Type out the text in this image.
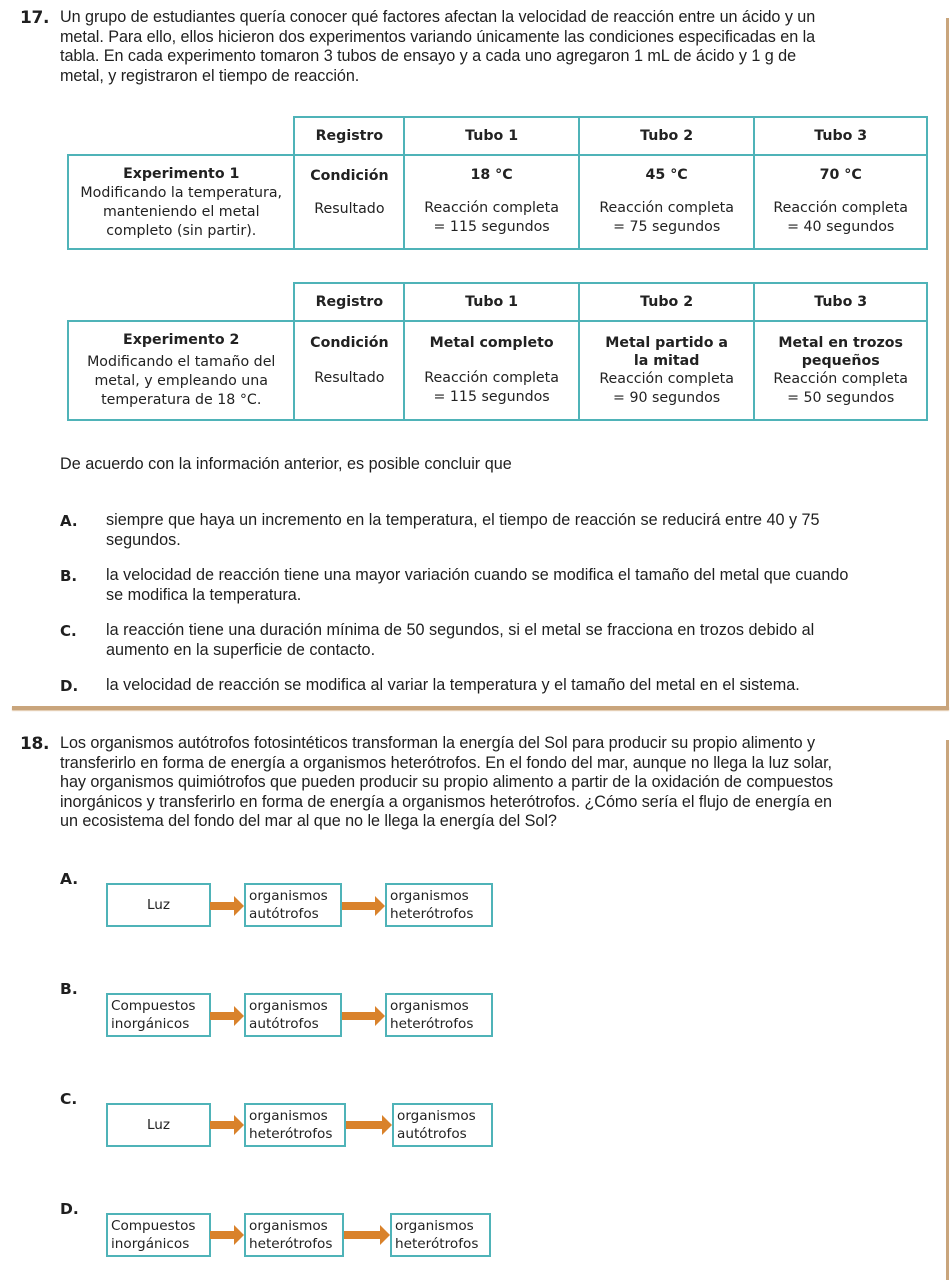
17. Un grupo de estudiantes quería conocer qué factores afectan la velocidad de reacción entre un ácido y un
metal. Para ello, ellos hicieron dos experimentos variando únicamente las condiciones especificadas en la
tabla. En cada experimento tomaron 3 tubos de ensayo y a cada uno agregaron 1 mL de ácido y 1 g de
metal, y registraron el tiempo de reacción.
	Registro	Tubo 1	Tubo 2	Tubo 3

Experimento 1
Modificando la temperatura,
manteniendo el metal
completo (sin partir).	Condición
Resultado	18 °C
Reacción completa
= 115 segundos	45 °C
Reacción completa
= 75 segundos	70 °C
Reacción completa
= 40 segundos
	Registro	Tubo 1	Tubo 2	Tubo 3

Experimento 2
Modificando el tamaño del
metal, y empleando una
temperatura de 18 °C.	Condición
Resultado	Metal completo
Reacción completa
= 115 segundos	Metal partido a
la mitad
Reacción completa
= 90 segundos	Metal en trozos
pequeños
Reacción completa
= 50 segundos
De acuerdo con la información anterior, es posible concluir que
A. siempre que haya un incremento en la temperatura, el tiempo de reacción se reducirá entre 40 y 75
segundos.
B. la velocidad de reacción tiene una mayor variación cuando se modifica el tamaño del metal que cuando
se modifica la temperatura.
C. la reacción tiene una duración mínima de 50 segundos, si el metal se fracciona en trozos debido al
aumento en la superficie de contacto.
D. la velocidad de reacción se modifica al variar la temperatura y el tamaño del metal en el sistema.
18. Los organismos autótrofos fotosintéticos transforman la energía del Sol para producir su propio alimento y
transferirlo en forma de energía a organismos heterótrofos. En el fondo del mar, aunque no llega la luz solar,
hay organismos quimiótrofos que pueden producir su propio alimento a partir de la oxidación de compuestos
inorgánicos y transferirlo en forma de energía a organismos heterótrofos. ¿Cómo sería el flujo de energía en
un ecosistema del fondo del mar al que no le llega la energía del Sol?
A.
Luz
organismos
autótrofos
organismos
heterótrofos
B.
Compuestos
inorgánicos
organismos
autótrofos
organismos
heterótrofos
C.
Luz
organismos
heterótrofos
organismos
autótrofos
D.
Compuestos
inorgánicos
organismos
heterótrofos
organismos
heterótrofos
